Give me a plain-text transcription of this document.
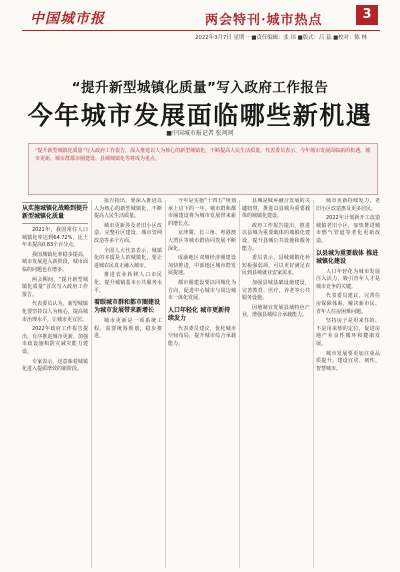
中国城市报	两会特刊·城市热点	3
2022年3月7日 星期一 ■责任编辑：张 玮 ■版式：吕 蕊 ■校对：陈 林
“提升新型城镇化质量”写入政府工作报告
今年城市发展面临哪些新机遇
■中国城市报记者 张珂珂
“提升新型城镇化质量”写入政府工作报告，深入推进以人为核心的新型城镇化，不断提高人民生活质量。代表委员表示，今年城市发展面临新的机遇，城市更新、城市群都市圈建设、县城城镇化等将成为重点。
从实施城镇化战略到提升新型城镇化质量

2021年，我国常住人口城镇化率达到64.72%，比上年末提高0.83个百分点。

我国城镇化率稳步提高，城市发展进入新阶段，城市面临的问题也在增多。

两会期间，“提升新型城镇化质量”首次写入政府工作报告。

代表委员认为，新型城镇化要坚持以人为核心，提高城市治理水平，让城市更宜居。

2022年政府工作报告提出，有序推进城市更新，加强市政设施和防灾减灾能力建设。

专家表示，这意味着城镇化进入提质增效的新阶段。

报告指出，要深入推进以人为核心的新型城镇化，不断提高人民生活质量。

城市更新涉及老旧小区改造、完整社区建设、城市管网改造等多个方面。

全国人大代表表示，城镇化的本质是人的城镇化，要让进城农民真正融入城市。

推进农业转移人口市民化，提升城镇基本公共服务水平。

着眼城市群和都市圈建设 为城市发展带来新增长

城市更新是一项系统工程，需要统筹规划，稳步推进。

今年是实施“十四五”规划承上启下的一年，城市群和都市圈建设将为城市发展带来新的增长点。

京津冀、长三角、粤港澳大湾区等城市群协同发展不断深化。

成渝地区双城经济圈建设加快推进，中部地区城市群发展提速。

都市圈建设要以同城化为方向，促进中心城市与周边城市一体化发展。

人口年轻化 城市更新持续发力

代表委员建议，优化城市空间布局，提升城市综合承载能力。

县城是城乡融合发展的关键纽带，推进以县城为重要载体的城镇化建设。

政府工作报告提出，推进以县城为重要载体的城镇化建设，提升县城公共设施和服务能力。

委员表示，县城城镇化补短板强弱项，可以更好满足农民到县城就业安家需求。

加强县城基础设施建设，完善教育、医疗、养老等公共服务设施。

因地制宜发展县域特色产业，增强县城综合承载能力。

城市更新持续发力，老旧小区改造惠及更多居民。

2022年计划新开工改造城镇老旧小区，加快推进城市燃气管道等老化更新改造。

以县城为重要载体 推进城镇化建设

人口年轻化为城市发展注入活力，吸引青年人才是城市竞争的关键。

代表委员建议，完善住房保障体系，解决新市民、青年人住房困难问题。

坚持房子是用来住的、不是用来炒的定位，促进房地产业良性循环和健康发展。

城市发展要更加注重品质提升，建设宜居、韧性、智慧城市。
